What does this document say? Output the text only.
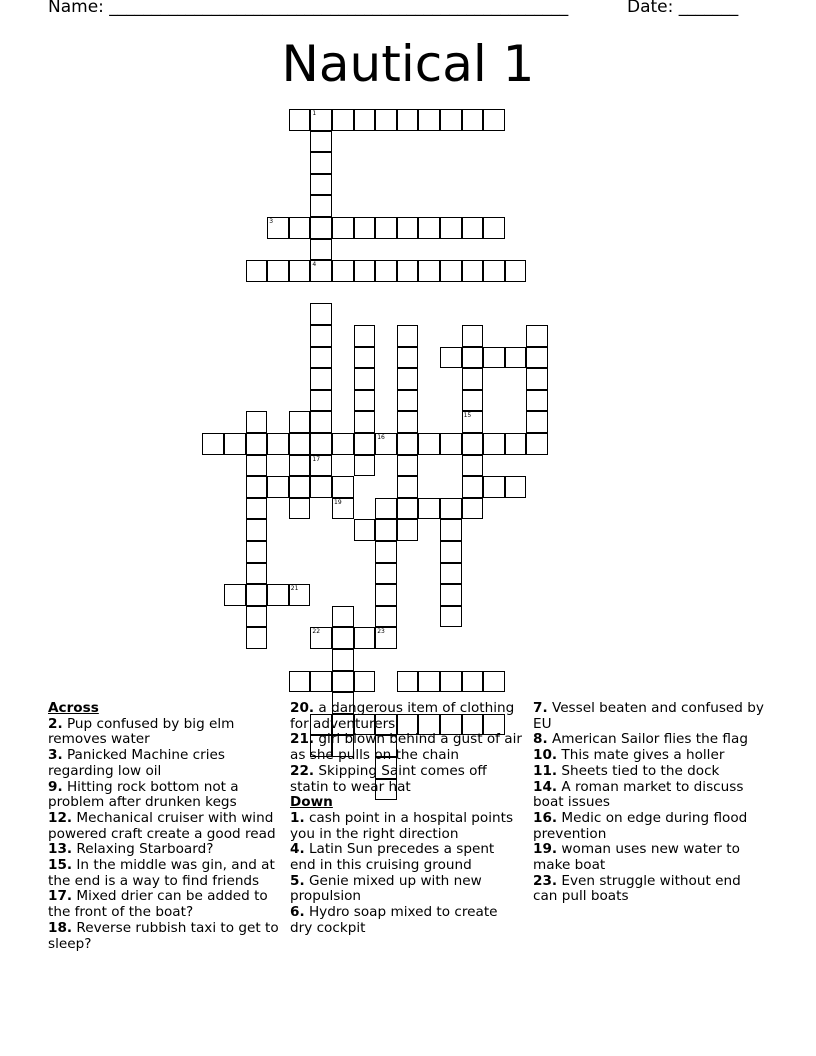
Name: ______________________________________________________	Date: _______
Nautical 1
1
3
4
17
15
16
19
21
22	23
Across
2. Pup confused by big elm removes water
3. Panicked Machine cries regarding low oil
9. Hitting rock bottom not a problem after drunken kegs
12. Mechanical cruiser with wind powered craft create a good read
13. Relaxing Starboard?
15. In the middle was gin, and at the end is a way to find friends
17. Mixed drier can be added to the front of the boat?
18. Reverse rubbish taxi to get to sleep?
20. a dangerous item of clothing for adventurers
21. girl blown behind a gust of air as she pulls on the chain
22. Skipping Saint comes off statin to wear hat
Down
1. cash point in a hospital points you in the right direction
4. Latin Sun precedes a spent end in this cruising ground
5. Genie mixed up with new propulsion
6. Hydro soap mixed to create dry cockpit
7. Vessel beaten and confused by EU
8. American Sailor flies the flag
10. This mate gives a holler
11. Sheets tied to the dock
14. A roman market to discuss boat issues
16. Medic on edge during flood prevention
19. woman uses new water to make boat
23. Even struggle without end can pull boats
